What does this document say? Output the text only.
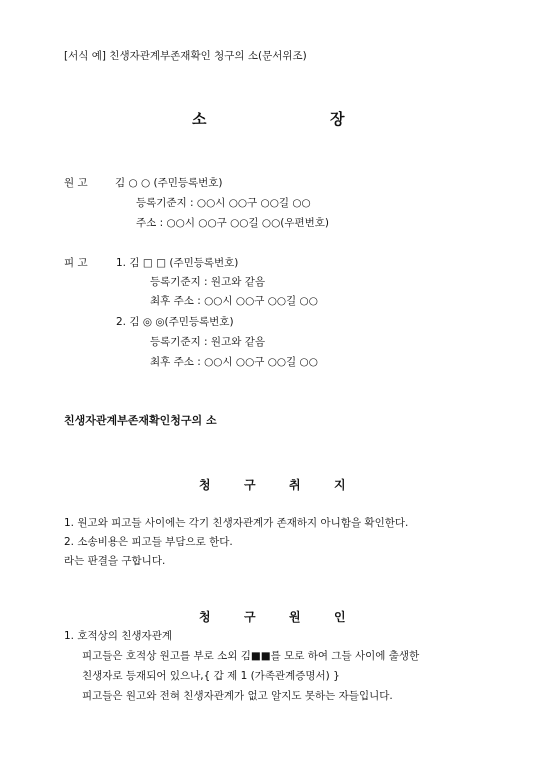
[서식 예] 친생자관계부존재확인 청구의 소(문서위조)
소	장
원 고	김 ○ ○ (주민등록번호)
등록기준지 : ○○시 ○○구 ○○길 ○○
주소 : ○○시 ○○구 ○○길 ○○(우편번호)
피 고	1. 김 □ □ (주민등록번호)
등록기준지 : 원고와 같음
최후 주소 : ○○시 ○○구 ○○길 ○○
2. 김 ◎ ◎(주민등록번호)
등록기준지 : 원고와 같음
최후 주소 : ○○시 ○○구 ○○길 ○○
친생자관계부존재확인청구의 소
청	구	취	지
1. 원고와 피고들 사이에는 각기 친생자관계가 존재하지 아니함을 확인한다.
2. 소송비용은 피고들 부담으로 한다.
라는 판결을 구합니다.
청	구	원	인
1. 호적상의 친생자관계
피고들은 호적상 원고를 부로 소외 김■■를 모로 하여 그들 사이에 출생한
친생자로 등재되어 있으나,{ 갑 제 1 (가족관계증명서) }
피고들은 원고와 전혀 친생자관계가 없고 알지도 못하는 자들입니다.
